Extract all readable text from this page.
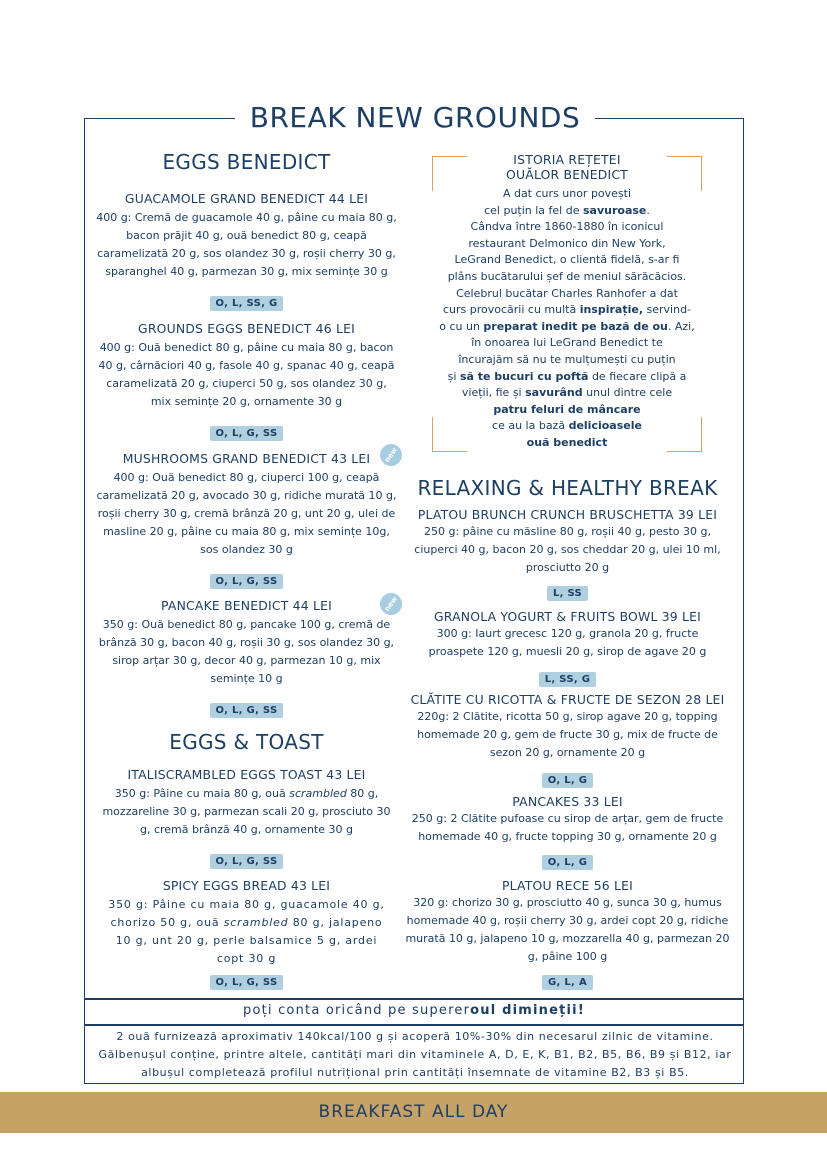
BREAK NEW GROUNDS
EGGS BENEDICT
GUACAMOLE GRAND BENEDICT 44 LEI
400 g: Cremă de guacamole 40 g, pâine cu maia 80 g,
bacon prăjit 40 g, ouă benedict 80 g, ceapă
caramelizată 20 g, sos olandez 30 g, roșii cherry 30 g,
sparanghel 40 g, parmezan 30 g, mix semințe 30 g
O, L, SS, G
GROUNDS EGGS BENEDICT 46 LEI
400 g: Ouă benedict 80 g, pâine cu maia 80 g, bacon
40 g, cârnăciori 40 g, fasole 40 g, spanac 40 g, ceapă
caramelizată 20 g, ciuperci 50 g, sos olandez 30 g,
mix semințe 20 g, ornamente 30 g
O, L, G, SS
new
MUSHROOMS GRAND BENEDICT 43 LEI
400 g: Ouă benedict 80 g, ciuperci 100 g, ceapă
caramelizată 20 g, avocado 30 g, ridiche murată 10 g,
roșii cherry 30 g, cremă brânză 20 g, unt 20 g, ulei de
masline 20 g, pâine cu maia 80 g, mix semințe 10g,
sos olandez 30 g
O, L, G, SS
new
PANCAKE BENEDICT 44 LEI
350 g: Ouă benedict 80 g, pancake 100 g, cremă de
brânză 30 g, bacon 40 g, roșii 30 g, sos olandez 30 g,
sirop arțar 30 g, decor 40 g, parmezan 10 g, mix
semințe 10 g
O, L, G, SS
EGGS & TOAST
ITALISCRAMBLED EGGS TOAST 43 LEI
350 g: Pâine cu maia 80 g, ouă scrambled 80 g,
mozzareline 30 g, parmezan scali 20 g, prosciuto 30
g, cremă brânză 40 g, ornamente 30 g
O, L, G, SS
SPICY EGGS BREAD 43 LEI
350 g: Pâine cu maia 80 g, guacamole 40 g,
chorizo 50 g, ouă scrambled 80 g, jalapeno
10 g, unt 20 g, perle balsamice 5 g, ardei
copt 30 g
O, L, G, SS
ISTORIA REȚETEI
OUĂLOR BENEDICT
A dat curs unor povești
cel puțin la fel de savuroase.
Cândva între 1860-1880 în iconicul
restaurant Delmonico din New York,
LeGrand Benedict, o clientă fidelă, s-ar fi
plâns bucătarului șef de meniul sărăcăcios.
Celebrul bucătar Charles Ranhofer a dat
curs provocării cu multă inspirație, servind-
o cu un preparat inedit pe bază de ou. Azi,
în onoarea lui LeGrand Benedict te
încurajăm să nu te mulțumești cu puțin
și să te bucuri cu poftă de fiecare clipă a
vieții, fie și savurând unul dintre cele
patru feluri de mâncare
ce au la bază delicioasele
ouă benedict
RELAXING & HEALTHY BREAK
PLATOU BRUNCH CRUNCH BRUSCHETTA 39 LEI
250 g: pâine cu măsline 80 g, roșii 40 g, pesto 30 g,
ciuperci 40 g, bacon 20 g, sos cheddar 20 g, ulei 10 ml,
prosciutto 20 g
L, SS
GRANOLA YOGURT & FRUITS BOWL 39 LEI
300 g: Iaurt grecesc 120 g, granola 20 g, fructe
proaspete 120 g, muesli 20 g, sirop de agave 20 g
L, SS, G
CLĂTITE CU RICOTTA & FRUCTE DE SEZON 28 LEI
220g: 2 Clătite, ricotta 50 g, sirop agave 20 g, topping
homemade 20 g, gem de fructe 30 g, mix de fructe de
sezon 20 g, ornamente 20 g
O, L, G
PANCAKES 33 LEI
250 g: 2 Clătite pufoase cu sirop de arțar, gem de fructe
homemade 40 g, fructe topping 30 g, ornamente 20 g
O, L, G
PLATOU RECE 56 LEI
320 g: chorizo 30 g, prosciutto 40 g, sunca 30 g, humus
homemade 40 g, roșii cherry 30 g, ardei copt 20 g, ridiche
murată 10 g, jalapeno 10 g, mozzarella 40 g, parmezan 20
g, pâine 100 g
G, L, A
poți conta oricând pe supereroul dimineții!
2 ouă furnizează aproximativ 140kcal/100 g și acoperă 10%-30% din necesarul zilnic de vitamine.
Gălbenușul conține, printre altele, cantități mari din vitaminele A, D, E, K, B1, B2, B5, B6, B9 și B12, iar
albușul completează profilul nutrițional prin cantități însemnate de vitamine B2, B3 și B5.
BREAKFAST ALL DAY
